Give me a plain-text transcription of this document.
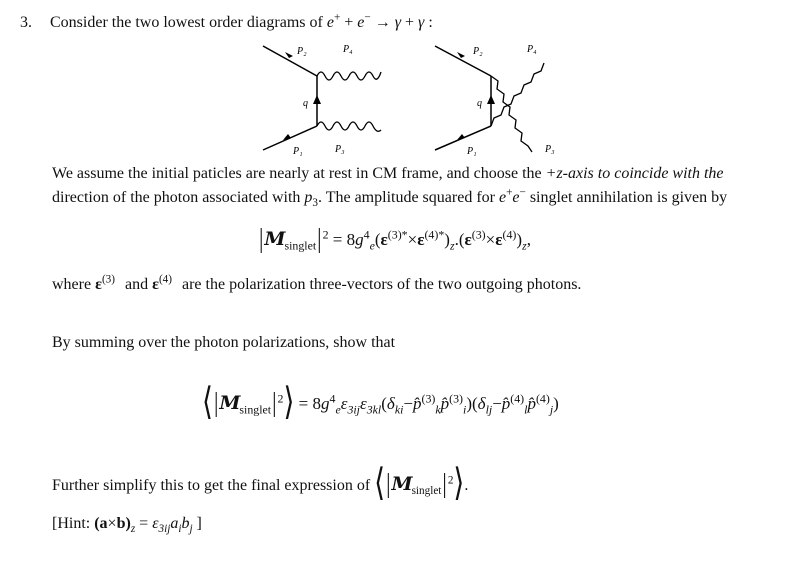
3. Consider the two lowest order diagrams of e+ + e− → γ + γ :
P₂	P₄
q
P₁	P₃
P₂	P₄
q
P₁	P₃
We assume the initial paticles are nearly at rest in CM frame, and choose the +z-axis to coincide with the
direction of the photon associated with $p_3$. The amplitude squared for e+e− singlet annihilation is given by
$|M_{singlet}|^2 = 8g^4_e(\varepsilon^{(3)*}\times\varepsilon^{(4)*})_z.(\varepsilon^{(3)}\times\varepsilon^{(4)})_z$,
where $\varepsilon^{(3)}$ and $\varepsilon^{(4)}$ are the polarization three-vectors of the two outgoing photons.
By summing over the photon polarizations, show that
$⟨|M_{singlet}|^2⟩$ = $8g^4_e\varepsilon_{3ij}\varepsilon_{3kl}(\delta_{ki}-p̂^{(3)}_kp̂^{(3)}_i)(\delta_{lj}-p̂^{(4)}_lp̂^{(4)}_j)$
Further simplify this to get the final expression of $⟨|M_{singlet}|^2⟩$.
[Hint: $(a\times b)_z = \varepsilon_{3ij}a_ib_j$ ]
